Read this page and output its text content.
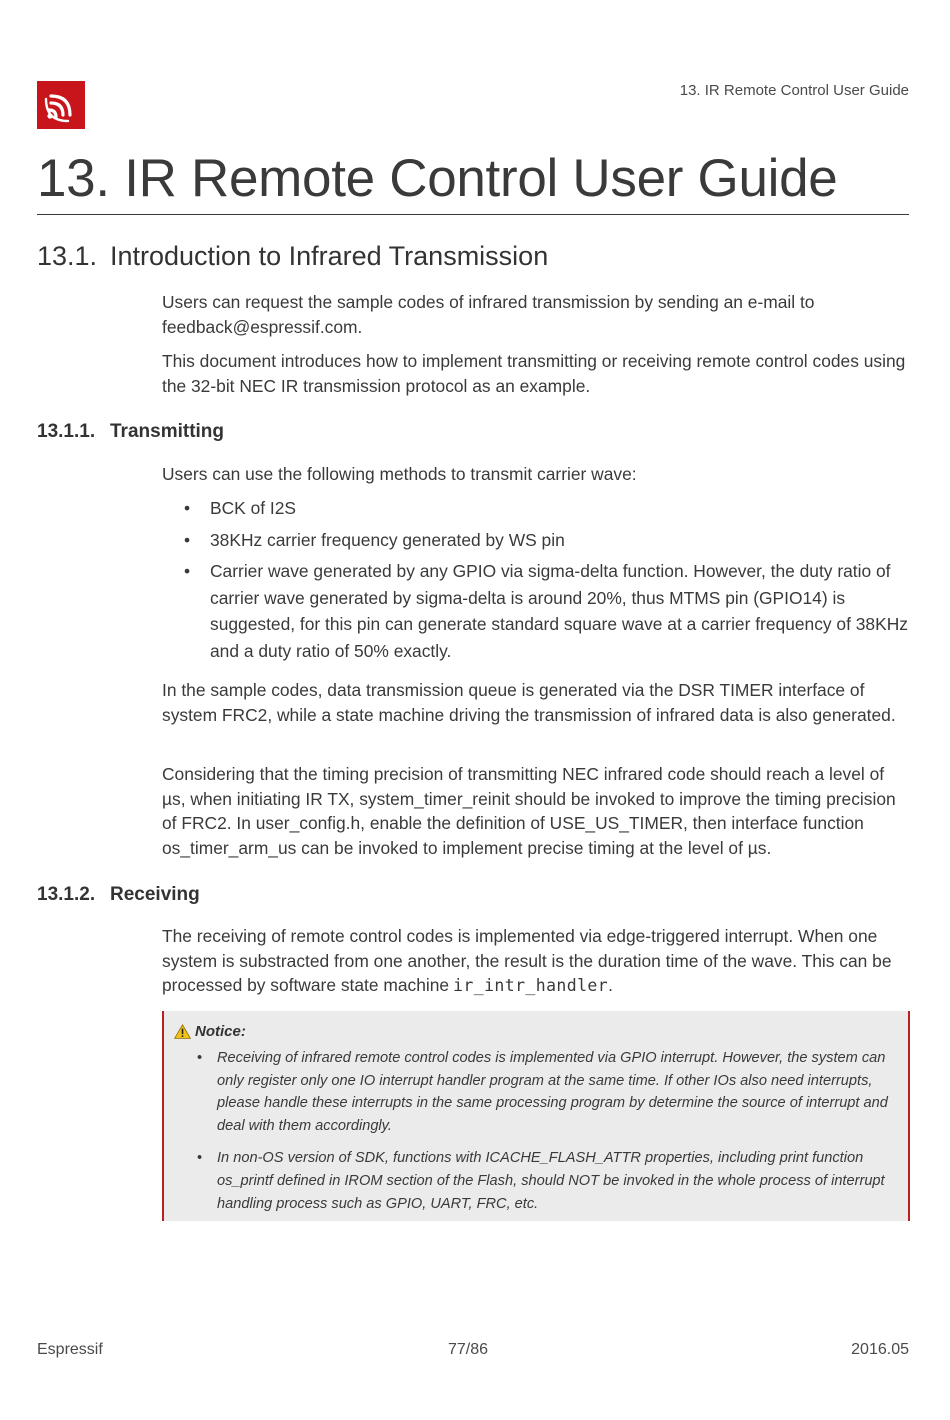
13. IR Remote Control User Guide
13. IR Remote Control User Guide
13.1. Introduction to Infrared Transmission

Users can request the sample codes of infrared transmission by sending an e-mail to feedback@espressif.com.

This document introduces how to implement transmitting or receiving remote control codes using the 32-bit NEC IR transmission protocol as an example.

13.1.1. Transmitting

Users can use the following methods to transmit carrier wave:

• BCK of I2S
• 38KHz carrier frequency generated by WS pin
• Carrier wave generated by any GPIO via sigma-delta function. However, the duty ratio of carrier wave generated by sigma-delta is around 20%, thus MTMS pin (GPIO14) is suggested, for this pin can generate standard square wave at a carrier frequency of 38KHz and a duty ratio of 50% exactly.

In the sample codes, data transmission queue is generated via the DSR TIMER interface of system FRC2, while a state machine driving the transmission of infrared data is also generated.

Considering that the timing precision of transmitting NEC infrared code should reach a level of µs, when initiating IR TX, system_timer_reinit should be invoked to improve the timing precision of FRC2. In user_config.h, enable the definition of USE_US_TIMER, then interface function os_timer_arm_us can be invoked to implement precise timing at the level of µs.

13.1.2. Receiving

The receiving of remote control codes is implemented via edge-triggered interrupt. When one system is substracted from one another, the result is the duration time of the wave. This can be processed by software state machine ir_intr_handler.

Notice:
• Receiving of infrared remote control codes is implemented via GPIO interrupt. However, the system can only register only one IO interrupt handler program at the same time. If other IOs also need interrupts, please handle these interrupts in the same processing program by determine the source of interrupt and deal with them accordingly.
• In non-OS version of SDK, functions with ICACHE_FLASH_ATTR properties, including print function os_printf defined in IROM section of the Flash, should NOT be invoked in the whole process of interrupt handling process such as GPIO, UART, FRC, etc.
Espressif	77/86	2016.05
